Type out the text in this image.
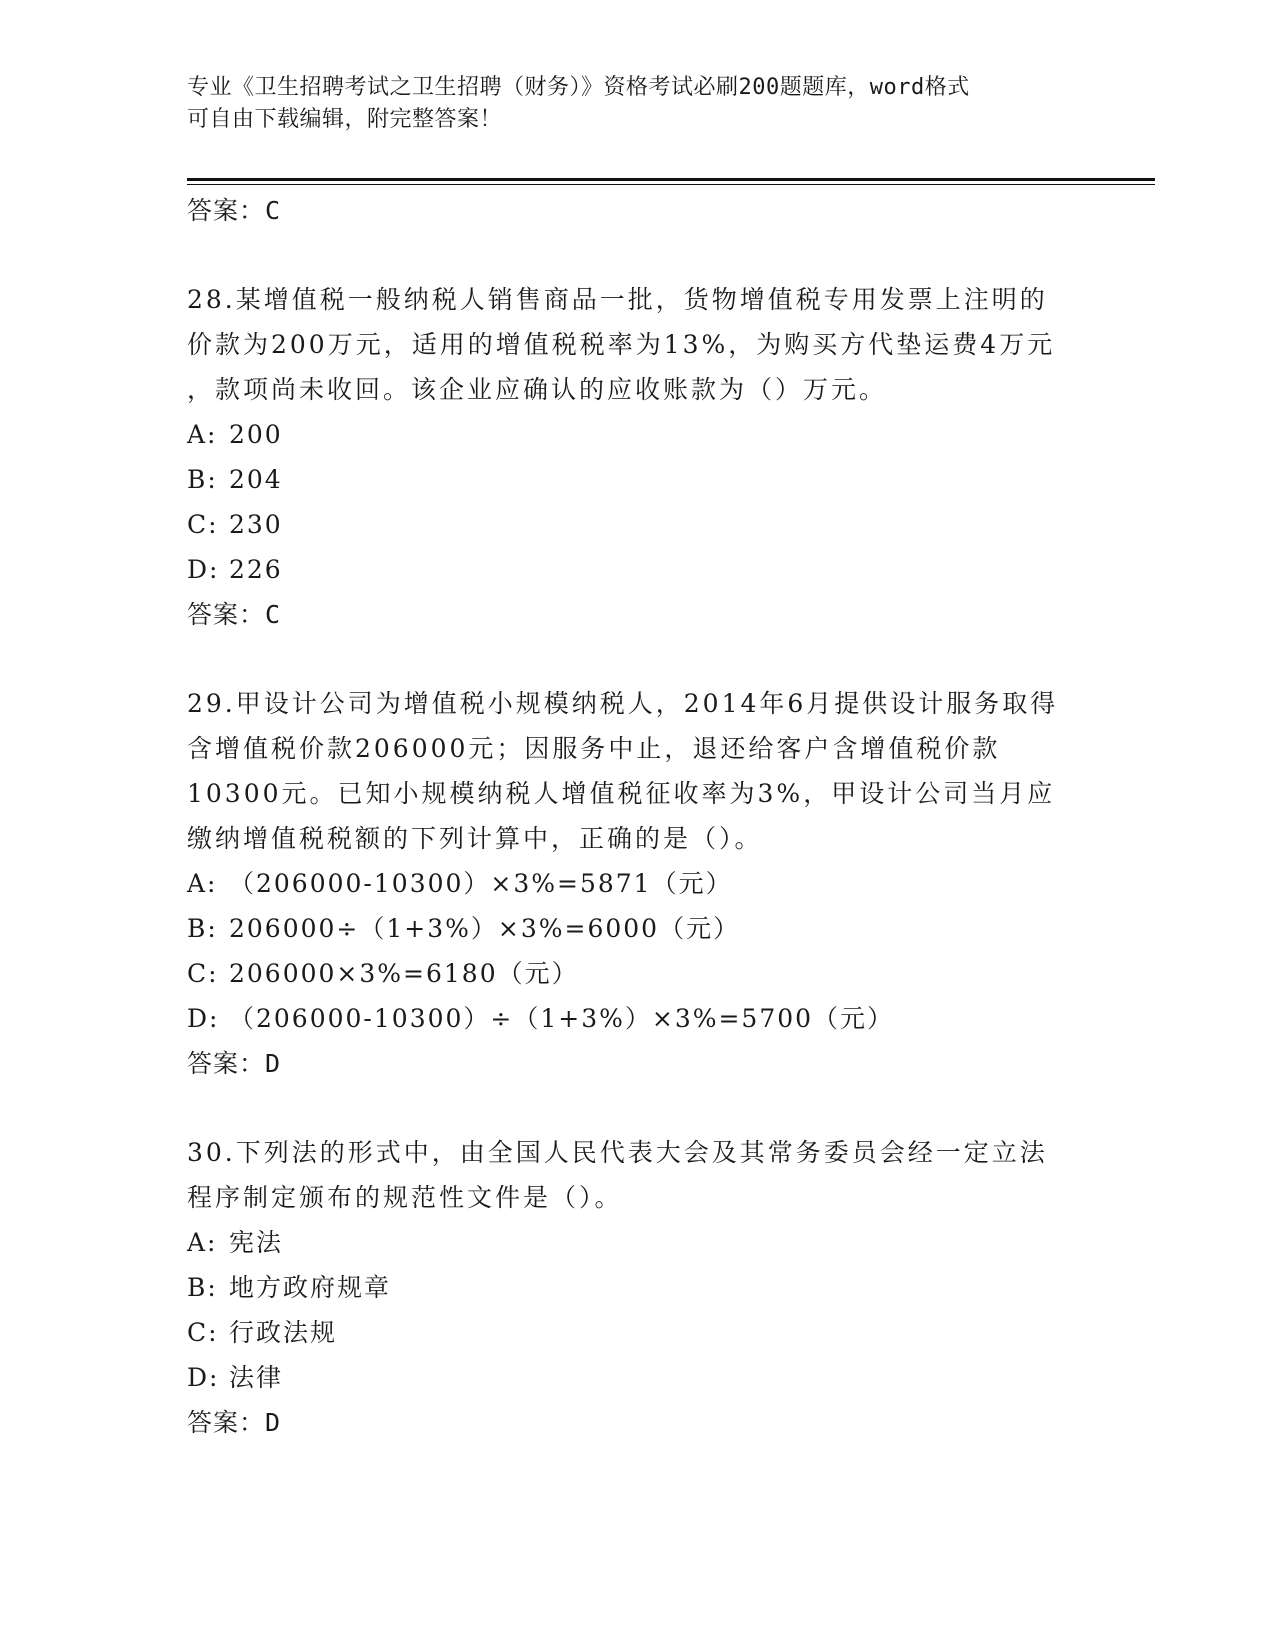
专业《卫生招聘考试之卫生招聘（财务）》资格考试必刷200题题库，word格式
可自由下载编辑，附完整答案！
答案：C
28.某增值税一般纳税人销售商品一批，货物增值税专用发票上注明的
价款为200万元，适用的增值税税率为13%，为购买方代垫运费4万元
，款项尚未收回。该企业应确认的应收账款为（）万元。
A: 200
B: 204
C: 230
D: 226
答案：C
29.甲设计公司为增值税小规模纳税人，2014年6月提供设计服务取得
含增值税价款206000元；因服务中止，退还给客户含增值税价款
10300元。已知小规模纳税人增值税征收率为3%，甲设计公司当月应
缴纳增值税税额的下列计算中，正确的是（）。
A: （206000-10300）×3%=5871（元）
B: 206000÷（1+3%）×3%=6000（元）
C: 206000×3%=6180（元）
D: （206000-10300）÷（1+3%）×3%=5700（元）
答案：D
30.下列法的形式中，由全国人民代表大会及其常务委员会经一定立法
程序制定颁布的规范性文件是（）。
A: 宪法
B: 地方政府规章
C: 行政法规
D: 法律
答案：D
